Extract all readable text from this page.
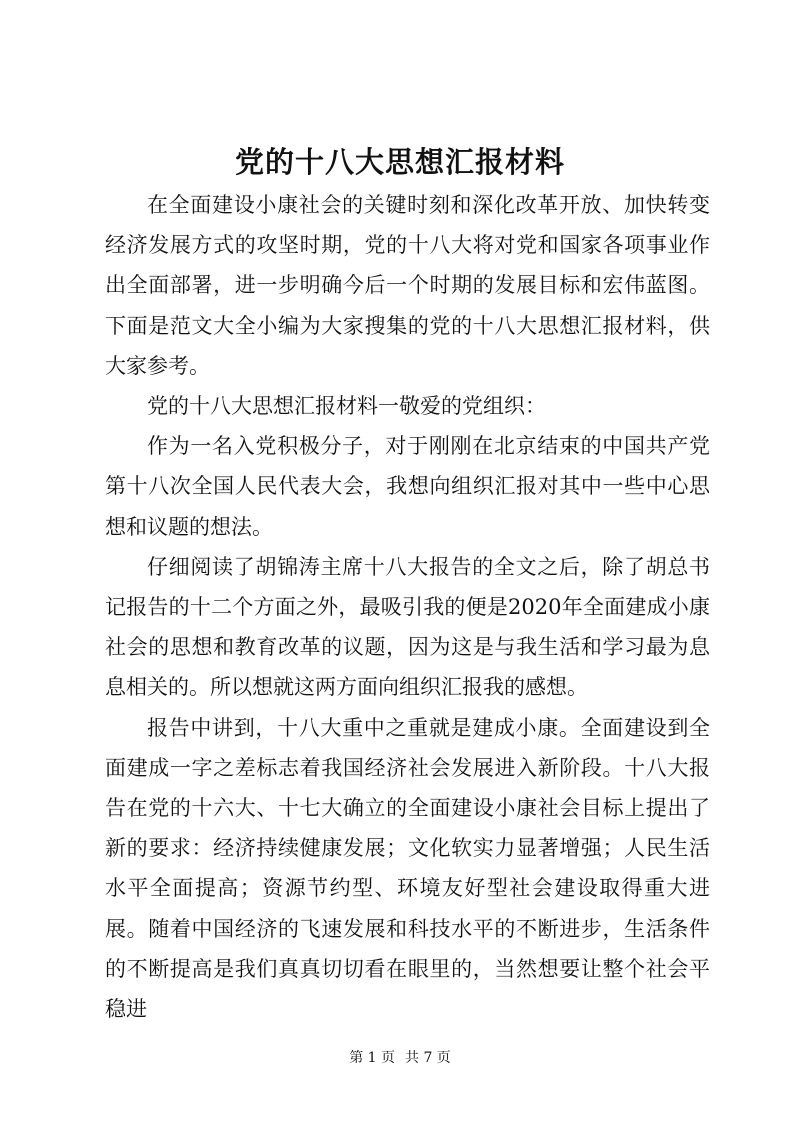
党的十八大思想汇报材料

在全面建设小康社会的关键时刻和深化改革开放、加快转变经济发展方式的攻坚时期，党的十八大将对党和国家各项事业作出全面部署，进一步明确今后一个时期的发展目标和宏伟蓝图。下面是范文大全小编为大家搜集的党的十八大思想汇报材料，供大家参考。

党的十八大思想汇报材料一敬爱的党组织：

作为一名入党积极分子，对于刚刚在北京结束的中国共产党第十八次全国人民代表大会，我想向组织汇报对其中一些中心思想和议题的想法。

仔细阅读了胡锦涛主席十八大报告的全文之后，除了胡总书记报告的十二个方面之外，最吸引我的便是2020年全面建成小康社会的思想和教育改革的议题，因为这是与我生活和学习最为息息相关的。所以想就这两方面向组织汇报我的感想。

报告中讲到，十八大重中之重就是建成小康。全面建设到全面建成一字之差标志着我国经济社会发展进入新阶段。十八大报告在党的十六大、十七大确立的全面建设小康社会目标上提出了新的要求：经济持续健康发展；文化软实力显著增强；人民生活水平全面提高；资源节约型、环境友好型社会建设取得重大进展。随着中国经济的飞速发展和科技水平的不断进步，生活条件的不断提高是我们真真切切看在眼里的，当然想要让整个社会平稳进

第 1 页 共 7 页
